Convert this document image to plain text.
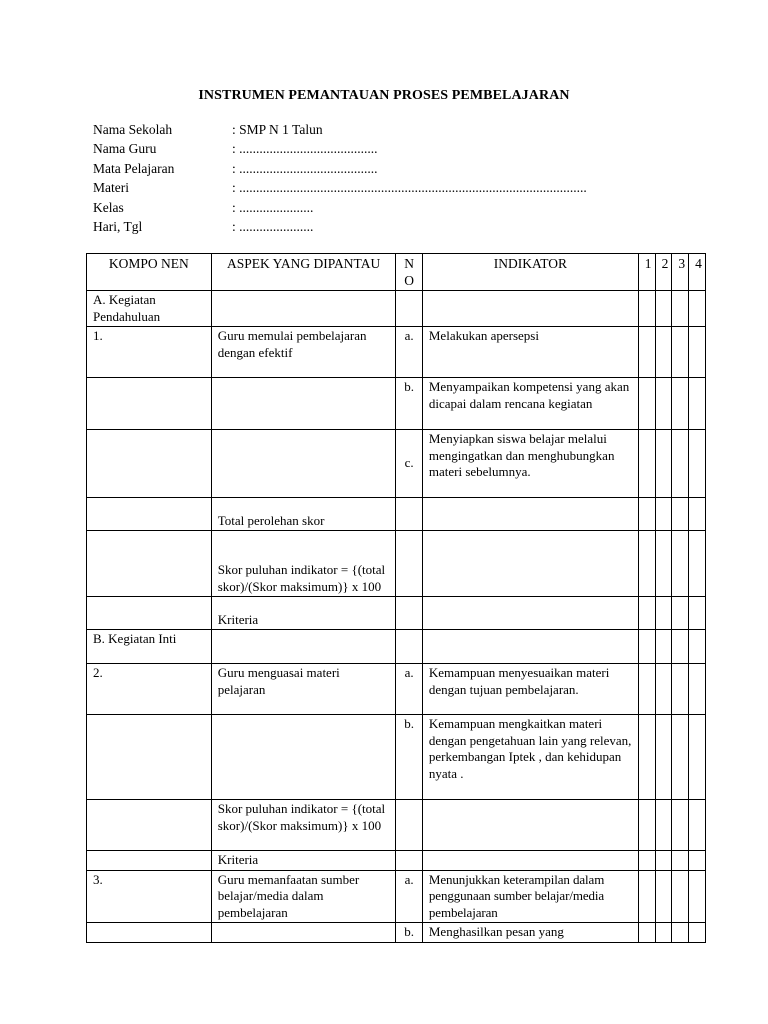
INSTRUMEN PEMANTAUAN PROSES PEMBELAJARAN
Nama Sekolah	: SMP N 1 Talun
Nama Guru	: .........................................
Mata Pelajaran	: .........................................
Materi	: .......................................................................................................
Kelas	: ......................
Hari, Tgl	: ......................
KOMPO NEN	ASPEK YANG DIPANTAU	N O	INDIKATOR	1	2	3	4
A. Kegiatan Pendahuluan							
1.	Guru memulai pembelajaran dengan efektif	a.	Melakukan apersepsi				
		b.	Menyampaikan kompetensi yang akan dicapai dalam rencana kegiatan				
		c.	Menyiapkan siswa belajar melalui mengingatkan dan menghubungkan materi sebelumnya.				
	Total perolehan skor						
	Skor puluhan indikator = {(total skor)/(Skor maksimum)} x 100						
	Kriteria						
B. Kegiatan Inti							
2.	Guru menguasai materi pelajaran	a.	Kemampuan menyesuaikan materi dengan tujuan pembelajaran.				
		b.	Kemampuan mengkaitkan materi dengan pengetahuan lain yang relevan, perkembangan Iptek , dan kehidupan nyata .				
	Skor puluhan indikator = {(total skor)/(Skor maksimum)} x 100						
	Kriteria						
3.	Guru memanfaatan sumber belajar/media dalam pembelajaran	a.	Menunjukkan keterampilan dalam penggunaan sumber belajar/media pembelajaran				
		b.	Menghasilkan pesan yang				
